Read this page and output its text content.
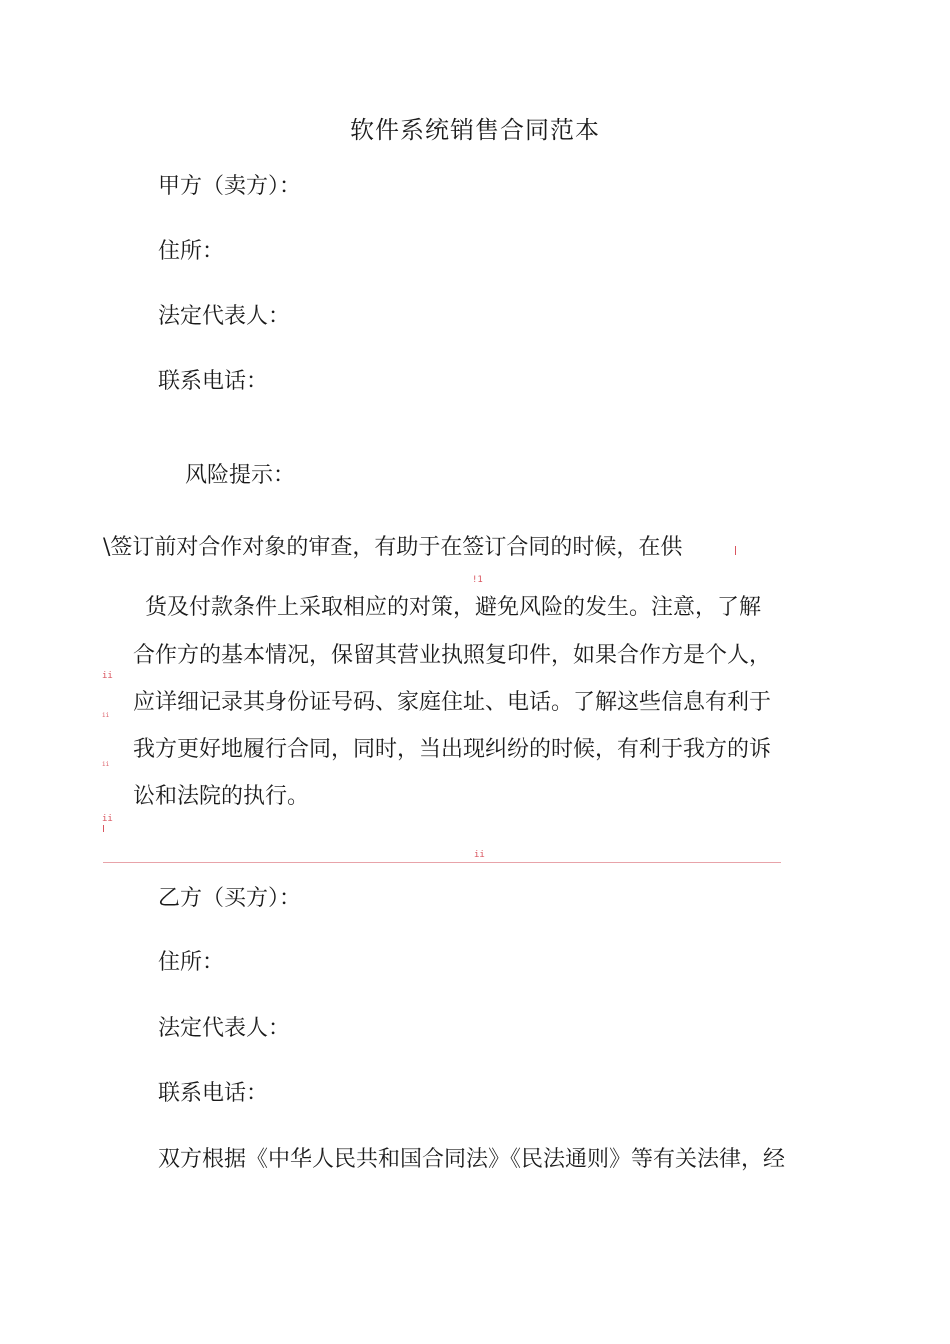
软件系统销售合同范本
甲方（卖方）：
住所：
法定代表人：
联系电话：
风险提示：
\签订前对合作对象的审查，有助于在签订合同的时候，在供
!1
货及付款条件上采取相应的对策，避免风险的发生。注意，了解
合作方的基本情况，保留其营业执照复印件，如果合作方是个人，
应详细记录其身份证号码、家庭住址、电话。了解这些信息有利于
我方更好地履行合同，同时，当出现纠纷的时候，有利于我方的诉
讼和法院的执行。
ii
ii
ii
ii
ii
乙方（买方）：
住所：
法定代表人：
联系电话：
双方根据《中华人民共和国合同法》《民法通则》等有关法律，经
